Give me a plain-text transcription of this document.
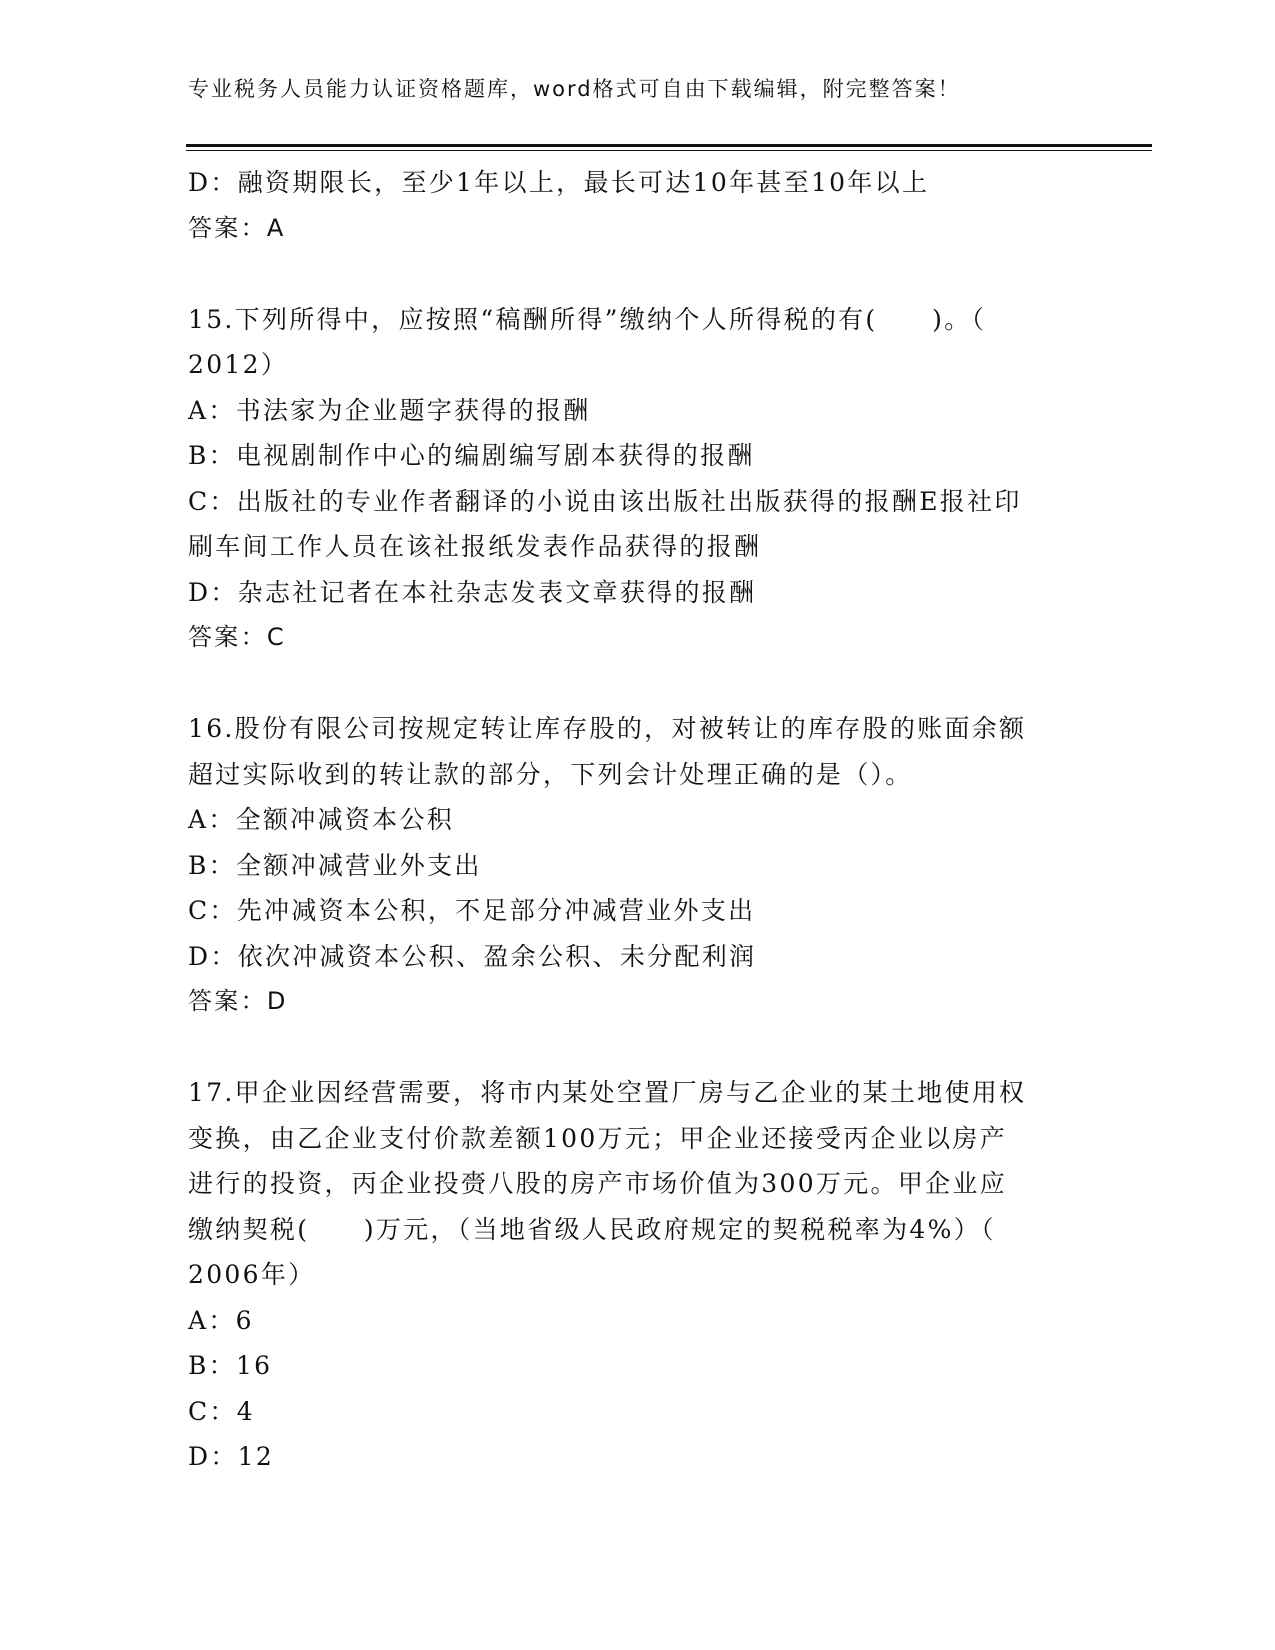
专业税务人员能力认证资格题库，word格式可自由下载编辑，附完整答案！
D：融资期限长，至少1年以上，最长可达10年甚至10年以上
答案：A
15.下列所得中，应按照“稿酬所得”缴纳个人所得税的有(　　)。（
2012）
A：书法家为企业题字获得的报酬
B：电视剧制作中心的编剧编写剧本获得的报酬
C：出版社的专业作者翻译的小说由该出版社出版获得的报酬E报社印
刷车间工作人员在该社报纸发表作品获得的报酬
D：杂志社记者在本社杂志发表文章获得的报酬
答案：C
16.股份有限公司按规定转让库存股的，对被转让的库存股的账面余额
超过实际收到的转让款的部分，下列会计处理正确的是（）。
A：全额冲减资本公积
B：全额冲减营业外支出
C：先冲减资本公积，不足部分冲减营业外支出
D：依次冲减资本公积、盈余公积、未分配利润
答案：D
17.甲企业因经营需要，将市内某处空置厂房与乙企业的某土地使用权
变换，由乙企业支付价款差额100万元；甲企业还接受丙企业以房产
进行的投资，丙企业投赍八股的房产市场价值为300万元。甲企业应
缴纳契税(　　)万元，（当地省级人民政府规定的契税税率为4%）（
2006年）
A：6
B：16
C：4
D：12
